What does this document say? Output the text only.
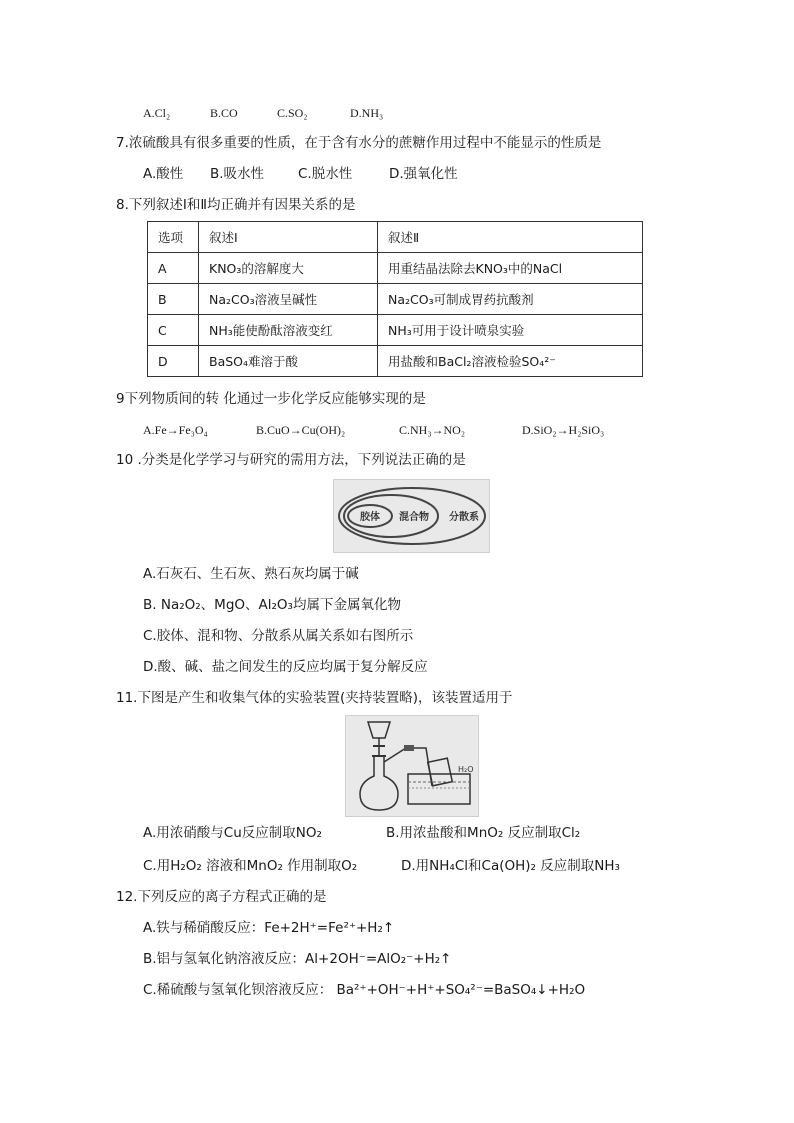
A.Cl₂	B.CO	C.SO₂	D.NH₃
7.浓硫酸具有很多重要的性质，在于含有水分的蔗糖作用过程中不能显示的性质是
A.酸性 B.吸水性	C.脱水性	D.强氧化性
8.下列叙述Ⅰ和Ⅱ均正确并有因果关系的是
选项	叙述Ⅰ	叙述Ⅱ
A	KNO₃的溶解度大	用重结晶法除去KNO₃中的NaCl
B	Na₂CO₃溶液呈碱性	Na₂CO₃可制成胃药抗酸剂
C	NH₃能使酚酞溶液变红	NH₃可用于设计喷泉实验
D	BaSO₄难溶于酸	用盐酸和BaCl₂溶液检验SO₄²⁻
9下列物质间的转 化通过一步化学反应能够实现的是
A.Fe→Fe₃O₄	B.CuO→Cu(OH)₂	C.NH₃→NO₂	D.SiO₂→H₂SiO₃
10 .分类是化学学习与研究的需用方法，下列说法正确的是
胶体 混合物 分散系
A.石灰石、生石灰、熟石灰均属于碱
B. Na₂O₂、MgO、Al₂O₃均属下金属氧化物
C.胶体、混和物、分散系从属关系如右图所示
D.酸、碱、盐之间发生的反应均属于复分解反应
11.下图是产生和收集气体的实验装置(夹持装置略)，该装置适用于
H₂O
A.用浓硝酸与Cu反应制取NO₂	B.用浓盐酸和MnO₂ 反应制取Cl₂
C.用H₂O₂ 溶液和MnO₂ 作用制取O₂	D.用NH₄Cl和Ca(OH)₂ 反应制取NH₃
12.下列反应的离子方程式正确的是
A.铁与稀硝酸反应：Fe+2H⁺=Fe²⁺+H₂↑
B.铝与氢氧化钠溶液反应：Al+2OH⁻=AlO₂⁻+H₂↑
C.稀硫酸与氢氧化钡溶液反应： Ba²⁺+OH⁻+H⁺+SO₄²⁻=BaSO₄↓+H₂O
